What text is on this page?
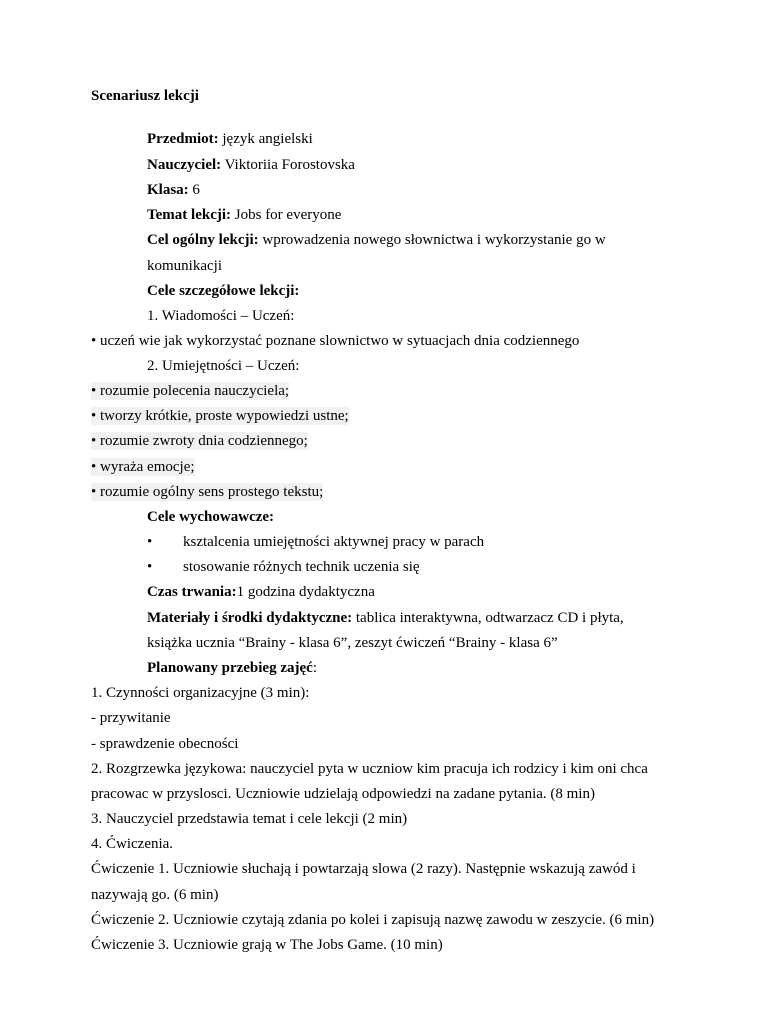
Scenariusz lekcji
Przedmiot: język angielski
Nauczyciel: Viktoriia Forostovska
Klasa: 6
Temat lekcji: Jobs for everyone
Cel ogólny lekcji: wprowadzenia nowego słownictwa i wykorzystanie go w
komunikacji
Cele szczegółowe lekcji:
1. Wiadomości – Uczeń:
• uczeń wie jak wykorzystać poznane slownictwo w sytuacjach dnia codziennego
2. Umiejętności – Uczeń:
• rozumie polecenia nauczyciela;
• tworzy krótkie, proste wypowiedzi ustne;
• rozumie zwroty dnia codziennego;
• wyraża emocje;
• rozumie ogólny sens prostego tekstu;
Cele wychowawcze:
• ksztalcenia umiejętności aktywnej pracy w parach
• stosowanie różnych technik uczenia się
Czas trwania:1 godzina dydaktyczna
Materiały i środki dydaktyczne: tablica interaktywna, odtwarzacz CD i płyta,
książka ucznia “Brainy - klasa 6”, zeszyt ćwiczeń “Brainy - klasa 6”
Planowany przebieg zajęć:
1. Czynności organizacyjne (3 min):
- przywitanie
- sprawdzenie obecności
2. Rozgrzewka językowa: nauczyciel pyta w uczniow kim pracuja ich rodzicy i kim oni chca
pracowac w przyslosci. Uczniowie udzielają odpowiedzi na zadane pytania. (8 min)
3. Nauczyciel przedstawia temat i cele lekcji (2 min)
4. Ćwiczenia.
Ćwiczenie 1. Uczniowie słuchają i powtarzają slowa (2 razy). Następnie wskazują zawód i
nazywają go. (6 min)
Ćwiczenie 2. Uczniowie czytają zdania po kolei i zapisują nazwę zawodu w zeszycie. (6 min)
Ćwiczenie 3. Uczniowie grają w The Jobs Game. (10 min)
